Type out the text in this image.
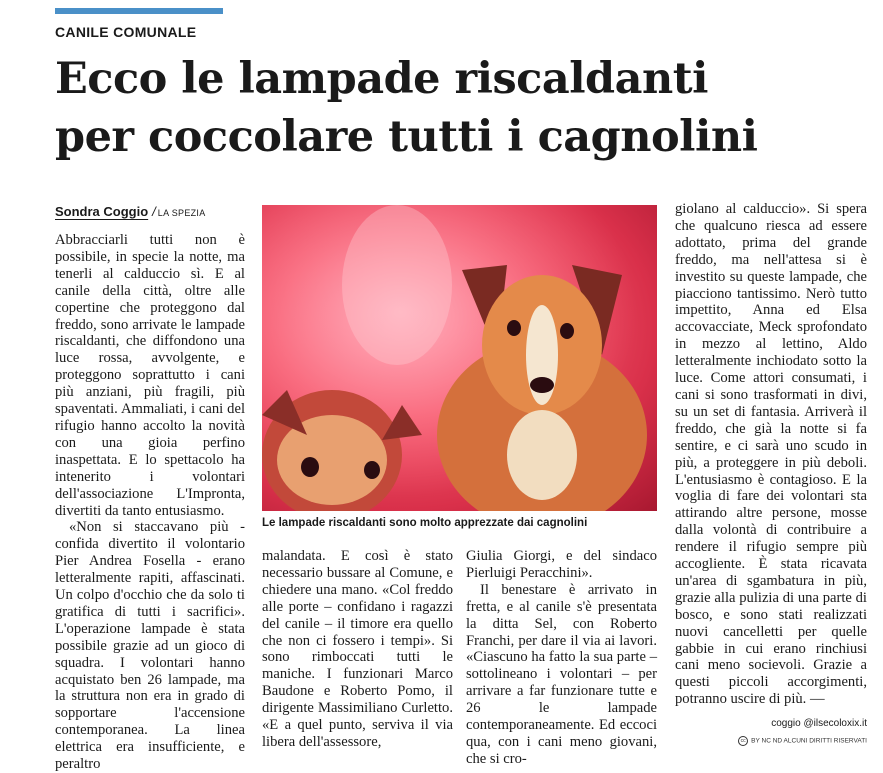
CANILE COMUNALE
Ecco le lampade riscaldanti
per coccolare tutti i cagnolini
Sondra Coggio / LA SPEZIA

Abbracciarli tutti non è possibile, in specie la notte, ma tenerli al calduccio sì. E al canile della città, oltre alle copertine che proteggono dal freddo, sono arrivate le lampade riscaldanti, che diffondono una luce rossa, avvolgente, e proteggono soprattutto i cani più anziani, più fragili, più spaventati. Ammaliati, i cani del rifugio hanno accolto la novità con una gioia perfino inaspettata. E lo spettacolo ha intenerito i volontari dell'associazione L'Impronta, divertiti da tanto entusiasmo.

«Non si staccavano più - confida divertito il volontario Pier Andrea Fosella - erano letteralmente rapiti, affascinati. Un colpo d'occhio che da solo ti gratifica di tutti i sacrifici». L'operazione lampade è stata possibile grazie ad un gioco di squadra. I volontari hanno acquistato ben 26 lampade, ma la struttura non era in grado di sopportare l'accensione contemporanea. La linea elettrica era insufficiente, e peraltro

Le lampade riscaldanti sono molto apprezzate dai cagnolini

malandata. E così è stato necessario bussare al Comune, e chiedere una mano. «Col freddo alle porte – confidano i ragazzi del canile – il timore era quello che non ci fossero i tempi». Si sono rimboccati tutti le maniche. I funzionari Marco Baudone e Roberto Pomo, il dirigente Massimiliano Curletto. «E a quel punto, serviva il via libera dell'assessore,

Giulia Giorgi, e del sindaco Pierluigi Peracchini».

Il benestare è arrivato in fretta, e al canile s'è presentata la ditta Sel, con Roberto Franchi, per dare il via ai lavori. «Ciascuno ha fatto la sua parte – sottolineano i volontari – per arrivare a far funzionare tutte e 26 le lampade contemporaneamente. Ed eccoci qua, con i cani meno giovani, che si cro-

giolano al calduccio». Si spera che qualcuno riesca ad essere adottato, prima del grande freddo, ma nell'attesa si è investito su queste lampade, che piacciono tantissimo. Nerò tutto impettito, Anna ed Elsa accovacciate, Meck sprofondato in mezzo al lettino, Aldo letteralmente inchiodato sotto la luce. Come attori consumati, i cani si sono trasformati in divi, su un set di fantasia. Arriverà il freddo, che già la notte si fa sentire, e ci sarà uno scudo in più, a proteggere in più deboli. L'entusiasmo è contagioso. E la voglia di fare dei volontari sta attirando altre persone, mosse dalla volontà di contribuire a rendere il rifugio sempre più accogliente. È stata ricavata un'area di sgambatura in più, grazie alla pulizia di una parte di bosco, e sono stati realizzati nuovi cancelletti per quelle gabbie in cui erano rinchiusi cani meno socievoli. Grazie a questi piccoli accorgimenti, potranno uscire di più. —

coggio @ilsecoloxix.it
cc BY NC ND ALCUNI DIRITTI RISERVATI
